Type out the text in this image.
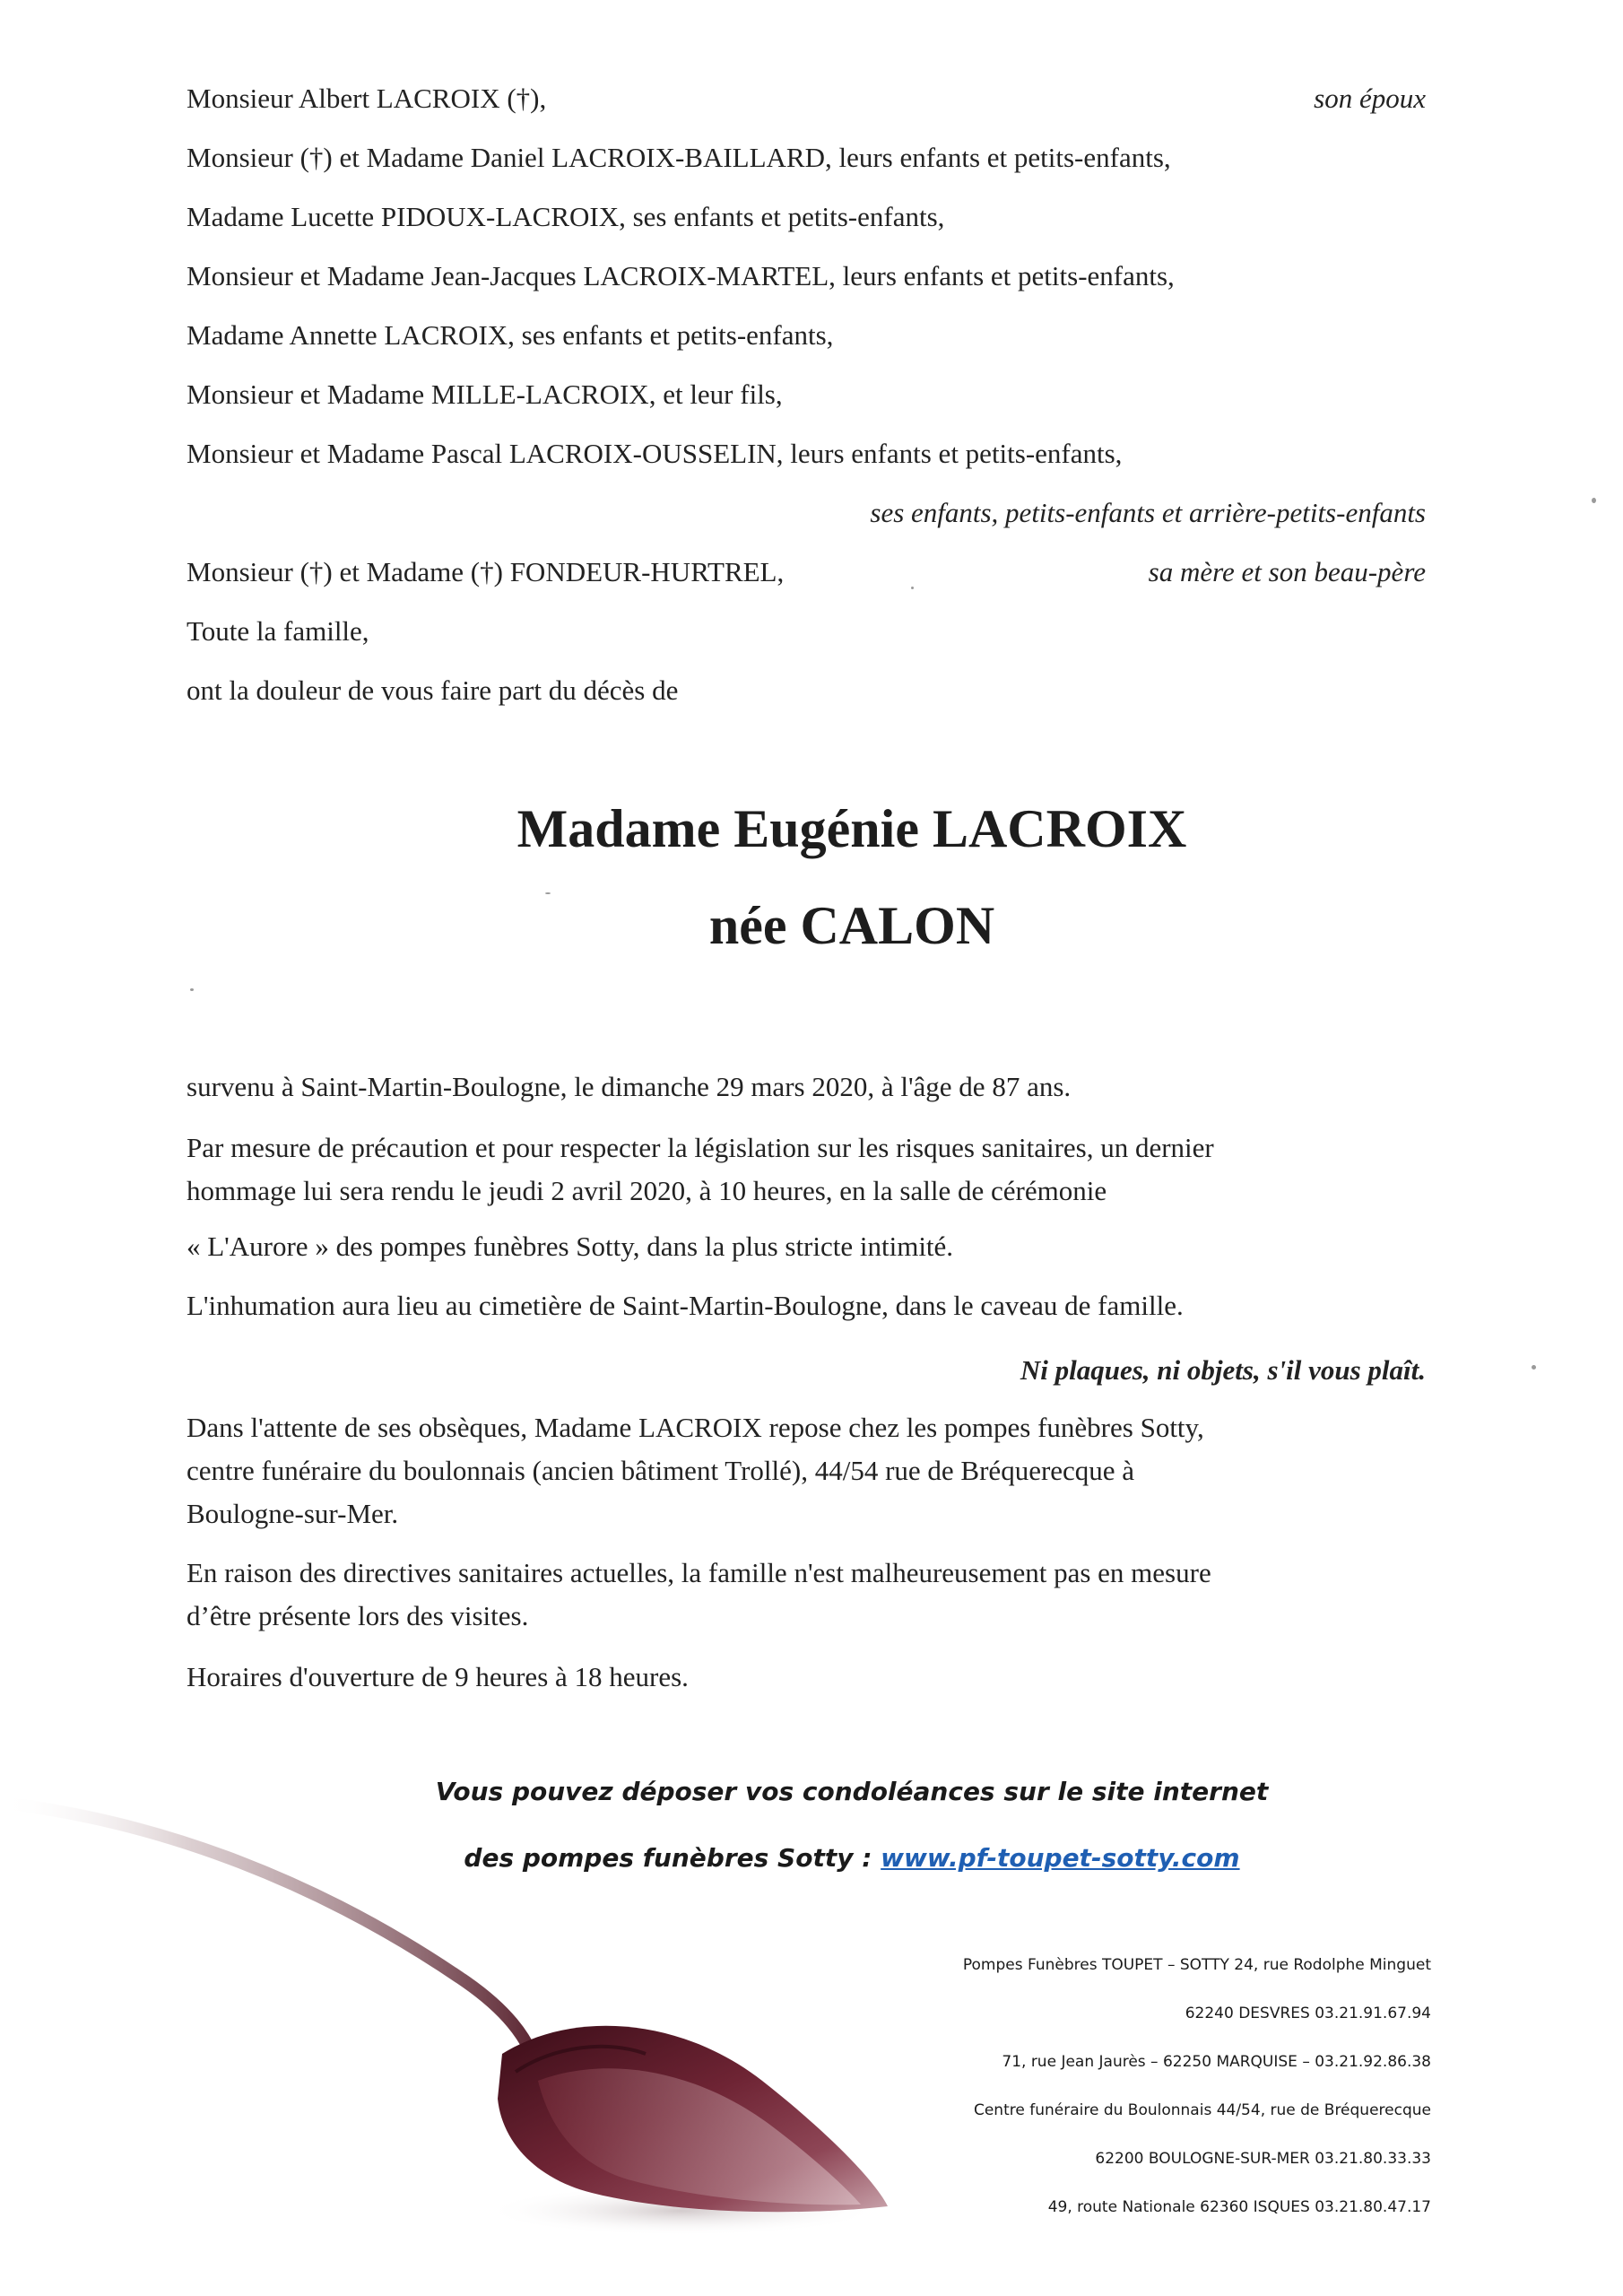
Monsieur Albert LACROIX (†),	son époux
Monsieur (†) et Madame Daniel LACROIX-BAILLARD, leurs enfants et petits-enfants,
Madame Lucette PIDOUX-LACROIX, ses enfants et petits-enfants,
Monsieur et Madame Jean-Jacques LACROIX-MARTEL, leurs enfants et petits-enfants,
Madame Annette LACROIX, ses enfants et petits-enfants,
Monsieur et Madame MILLE-LACROIX, et leur fils,
Monsieur et Madame Pascal LACROIX-OUSSELIN, leurs enfants et petits-enfants,
ses enfants, petits-enfants et arrière-petits-enfants
Monsieur (†) et Madame (†) FONDEUR-HURTREL,	sa mère et son beau-père
Toute la famille,
ont la douleur de vous faire part du décès de
Madame Eugénie LACROIX
née CALON
survenu à Saint-Martin-Boulogne, le dimanche 29 mars 2020, à l'âge de 87 ans.
Par mesure de précaution et pour respecter la législation sur les risques sanitaires, un dernier
hommage lui sera rendu le jeudi 2 avril 2020, à 10 heures, en la salle de cérémonie
« L'Aurore » des pompes funèbres Sotty, dans la plus stricte intimité.
L'inhumation aura lieu au cimetière de Saint-Martin-Boulogne, dans le caveau de famille.
Ni plaques, ni objets, s'il vous plaît.
Dans l'attente de ses obsèques, Madame LACROIX repose chez les pompes funèbres Sotty,
centre funéraire du boulonnais (ancien bâtiment Trollé), 44/54 rue de Bréquerecque à
Boulogne-sur-Mer.
En raison des directives sanitaires actuelles, la famille n'est malheureusement pas en mesure
d’être présente lors des visites.
Horaires d'ouverture de 9 heures à 18 heures.
Vous pouvez déposer vos condoléances sur le site internet
des pompes funèbres Sotty : www.pf-toupet-sotty.com
Pompes Funèbres TOUPET – SOTTY 24, rue Rodolphe Minguet
62240 DESVRES 03.21.91.67.94
71, rue Jean Jaurès – 62250 MARQUISE – 03.21.92.86.38
Centre funéraire du Boulonnais 44/54, rue de Bréquerecque
62200 BOULOGNE-SUR-MER 03.21.80.33.33
49, route Nationale 62360 ISQUES 03.21.80.47.17
